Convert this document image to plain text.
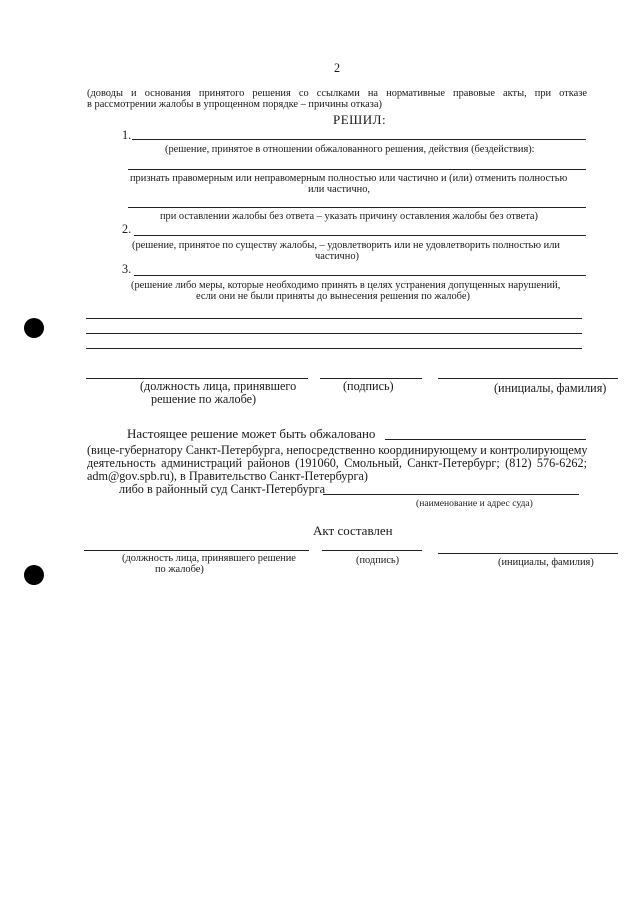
2
(доводы и основания принятого решения со ссылками на нормативные правовые акты, при отказе
в рассмотрении жалобы в упрощенном порядке – причины отказа)
РЕШИЛ:
1.
(решение, принятое в отношении обжалованного решения, действия (бездействия):
признать правомерным или неправомерным полностью или частично и (или) отменить полностью
или частично,
при оставлении жалобы без ответа – указать причину оставления жалобы без ответа)
2.
(решение, принятое по существу жалобы, – удовлетворить или не удовлетворить полностью или
частично)
3.
(решение либо меры, которые необходимо принять в целях устранения допущенных нарушений,
если они не были приняты до вынесения решения по жалобе)
(должность лица, принявшего
решение по жалобе)
(подпись)	(инициалы, фамилия)
Настоящее решение может быть обжаловано
(вице-губернатору Санкт-Петербурга, непосредственно координирующему и контролирующему
деятельность администраций районов (191060, Смольный, Санкт-Петербург; (812) 576-6262;
adm@gov.spb.ru), в Правительство Санкт-Петербурга)
либо в районный суд Санкт-Петербурга
(наименование и адрес суда)
Акт составлен
(должность лица, принявшего решение
по жалобе)
(подпись)	(инициалы, фамилия)
